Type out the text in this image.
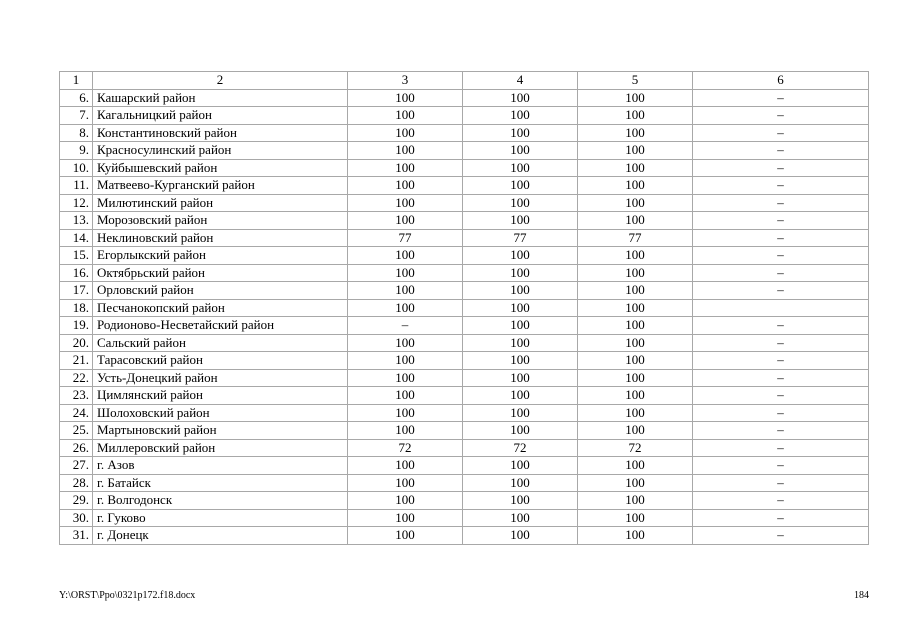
1	2	3	4	5	6
6.	Кашарский район	100	100	100	–
7.	Кагальницкий район	100	100	100	–
8.	Константиновский район	100	100	100	–
9.	Красносулинский район	100	100	100	–
10.	Куйбышевский район	100	100	100	–
11.	Матвеево-Курганский район	100	100	100	–
12.	Милютинский район	100	100	100	–
13.	Морозовский район	100	100	100	–
14.	Неклиновский район	77	77	77	–
15.	Егорлыкский район	100	100	100	–
16.	Октябрьский район	100	100	100	–
17.	Орловский район	100	100	100	–
18.	Песчанокопский район	100	100	100	
19.	Родионово-Несветайский район	–	100	100	–
20.	Сальский район	100	100	100	–
21.	Тарасовский район	100	100	100	–
22.	Усть-Донецкий район	100	100	100	–
23.	Цимлянский район	100	100	100	–
24.	Шолоховский район	100	100	100	–
25.	Мартыновский район	100	100	100	–
26.	Миллеровский район	72	72	72	–
27.	г. Азов	100	100	100	–
28.	г. Батайск	100	100	100	–
29.	г. Волгодонск	100	100	100	–
30.	г. Гуково	100	100	100	–
31.	г. Донецк	100	100	100	–
Y:\ORST\Ppo\0321p172.f18.docx	184
